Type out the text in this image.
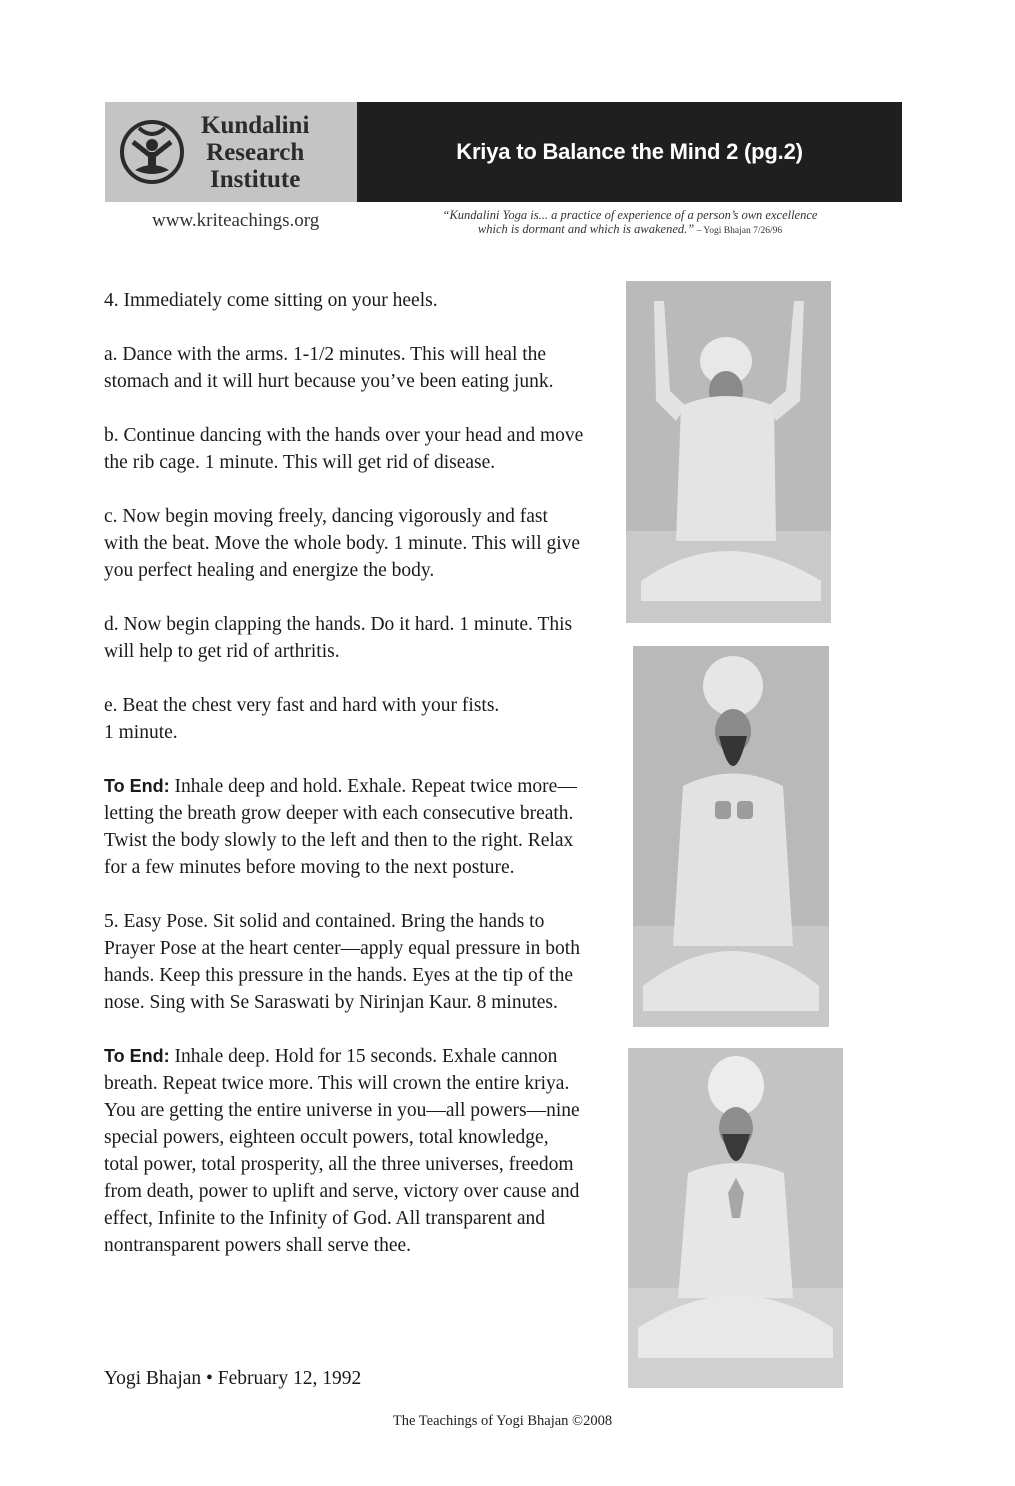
Kundalini
Research
Institute
Kriya to Balance the Mind 2 (pg.2)
www.kriteachings.org	“Kundalini Yoga is... a practice of experience of a person’s own excellence
which is dormant and which is awakened.” – Yogi Bhajan 7/26/96

4. Immediately come sitting on your heels.

a. Dance with the arms. 1-1/2 minutes. This will heal the stomach and it will hurt because you’ve been eating junk.

b. Continue dancing with the hands over your head and move the rib cage. 1 minute. This will get rid of disease.

c. Now begin moving freely, dancing vigorously and fast with the beat. Move the whole body. 1 minute. This will give you perfect healing and energize the body.

d. Now begin clapping the hands. Do it hard. 1 minute. This will help to get rid of arthritis.

e. Beat the chest very fast and hard with your fists.
1 minute.

To End: Inhale deep and hold. Exhale. Repeat twice more—letting the breath grow deeper with each consecutive breath. Twist the body slowly to the left and then to the right. Relax for a few minutes before moving to the next posture.

5. Easy Pose. Sit solid and contained. Bring the hands to Prayer Pose at the heart center—apply equal pressure in both hands. Keep this pressure in the hands. Eyes at the tip of the nose. Sing with Se Saraswati by Nirinjan Kaur. 8 minutes.

To End: Inhale deep. Hold for 15 seconds. Exhale cannon breath. Repeat twice more. This will crown the entire kriya. You are getting the entire universe in you—all powers—nine special powers, eighteen occult powers, total knowledge, total power, total prosperity, all the three universes, freedom from death, power to uplift and serve, victory over cause and effect, Infinite to the Infinity of God. All transparent and nontransparent powers shall serve thee.

Yogi Bhajan • February 12, 1992
The Teachings of Yogi Bhajan ©2008
